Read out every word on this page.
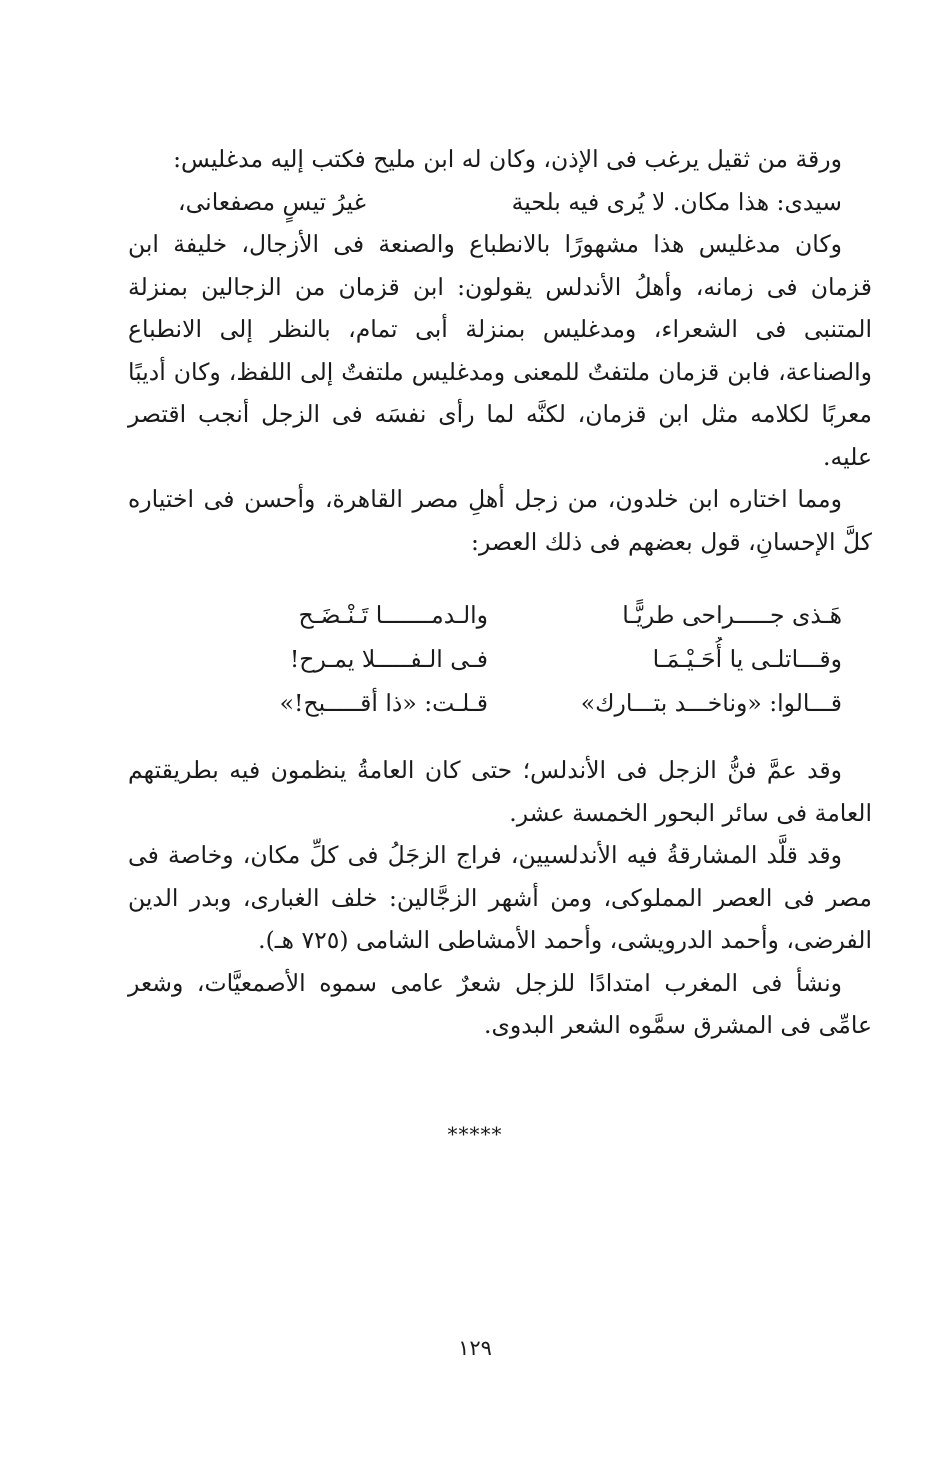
ورقة من ثقيل يرغب فى الإذن، وكان له ابن مليح فكتب إليه مدغليس:

سيدى: هذا مكان. لا يُرى فيه بلحية
غيرُ تيسٍ مصفعانى،

وكان مدغليس هذا مشهورًا بالانطباع والصنعة فى الأزجال، خليفة ابن قزمان فى زمانه، وأهلُ الأندلس يقولون: ابن قزمان من الزجالين بمنزلة المتنبى فى الشعراء، ومدغليس بمنزلة أبى تمام، بالنظر إلى الانطباع والصناعة، فابن قزمان ملتفتٌ للمعنى ومدغليس ملتفتٌ إلى اللفظ، وكان أديبًا معربًا لكلامه مثل ابن قزمان، لكنَّه لما رأى نفسَه فى الزجل أنجب اقتصر عليه.

ومما اختاره ابن خلدون، من زجل أهلِ مصر القاهرة، وأحسن فى اختياره كلَّ الإحسانِ، قول بعضهم فى ذلك العصر:

هَـذى جـــــراحى طريًّـا
والـدمـــــــا تَـنْـضَـح
وقـــاتلـى يا أُحَـيْـمَـا
فـى الـفـــــلا يمـرح!
قـــالوا: «وناخـــد بتـــارك»
قـلـت: «ذا أقـــــبح!»

وقد عمَّ فنُّ الزجل فى الأندلس؛ حتى كان العامةُ ينظمون فيه بطريقتهم العامة فى سائر البحور الخمسة عشر.

وقد قلَّد المشارقةُ فيه الأندلسيين، فراج الزجَلُ فى كلِّ مكان، وخاصة فى مصر فى العصر المملوكى، ومن أشهر الزجَّالين: خلف الغبارى، وبدر الدين الفرضى، وأحمد الدرويشى، وأحمد الأمشاطى الشامى (٧٢٥ هـ).

ونشأ فى المغرب امتدادًا للزجل شعرٌ عامى سموه الأصمعيَّات، وشعر عامِّى فى المشرق سمَّوه الشعر البدوى.

*****
١٢٩
